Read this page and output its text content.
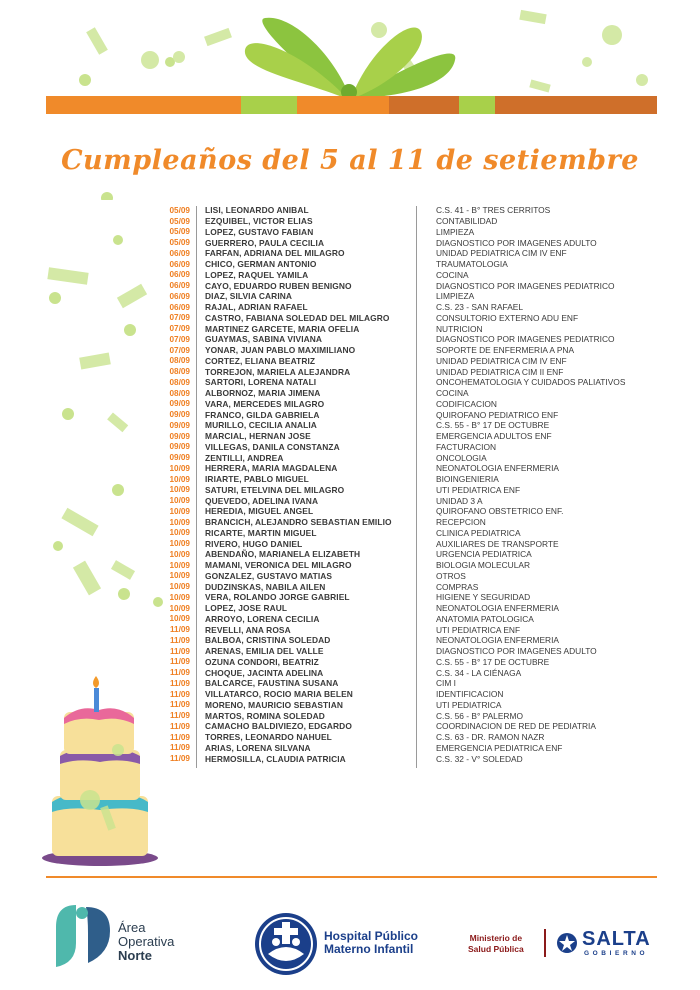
Cumpleaños del 5 al 11 de setiembre
05/09	LISI, LEONARDO ANIBAL	C.S. 41 - B° TRES CERRITOS
05/09	EZQUIBEL, VICTOR ELIAS	CONTABILIDAD
05/09	LOPEZ, GUSTAVO FABIAN	LIMPIEZA
05/09	GUERRERO, PAULA CECILIA	DIAGNOSTICO POR IMAGENES ADULTO
06/09	FARFAN, ADRIANA DEL MILAGRO	UNIDAD PEDIATRICA CIM IV ENF
06/09	CHICO, GERMAN ANTONIO	TRAUMATOLOGIA
06/09	LOPEZ, RAQUEL YAMILA	COCINA
06/09	CAYO, EDUARDO RUBEN BENIGNO	DIAGNOSTICO POR IMAGENES PEDIATRICO
06/09	DIAZ, SILVIA CARINA	LIMPIEZA
06/09	RAJAL, ADRIAN RAFAEL	C.S. 23 - SAN RAFAEL
07/09	CASTRO, FABIANA SOLEDAD DEL MILAGRO	CONSULTORIO EXTERNO ADU ENF
07/09	MARTINEZ GARCETE, MARIA OFELIA	NUTRICION
07/09	GUAYMAS, SABINA VIVIANA	DIAGNOSTICO POR IMAGENES PEDIATRICO
07/09	YONAR, JUAN PABLO MAXIMILIANO	SOPORTE DE ENFERMERIA A PNA
08/09	CORTEZ, ELIANA BEATRIZ	UNIDAD PEDIATRICA CIM IV ENF
08/09	TORREJON, MARIELA ALEJANDRA	UNIDAD PEDIATRICA CIM II ENF
08/09	SARTORI, LORENA NATALI	ONCOHEMATOLOGIA Y CUIDADOS PALIATIVOS
08/09	ALBORNOZ, MARIA JIMENA	COCINA
09/09	VARA, MERCEDES MILAGRO	CODIFICACION
09/09	FRANCO, GILDA GABRIELA	QUIROFANO PEDIATRICO ENF
09/09	MURILLO, CECILIA ANALIA	C.S. 55 - B° 17 DE OCTUBRE
09/09	MARCIAL, HERNAN JOSE	EMERGENCIA ADULTOS ENF
09/09	VILLEGAS, DANILA CONSTANZA	FACTURACION
09/09	ZENTILLI, ANDREA	ONCOLOGIA
10/09	HERRERA, MARIA MAGDALENA	NEONATOLOGIA ENFERMERIA
10/09	IRIARTE, PABLO MIGUEL	BIOINGENIERIA
10/09	SATURI, ETELVINA DEL MILAGRO	UTI PEDIATRICA ENF
10/09	QUEVEDO, ADELINA IVANA	UNIDAD 3 A
10/09	HEREDIA, MIGUEL ANGEL	QUIROFANO OBSTETRICO ENF.
10/09	BRANCICH, ALEJANDRO SEBASTIAN EMILIO	RECEPCION
10/09	RICARTE, MARTIN MIGUEL	CLINICA PEDIATRICA
10/09	RIVERO, HUGO DANIEL	AUXILIARES DE TRANSPORTE
10/09	ABENDAÑO, MARIANELA ELIZABETH	URGENCIA PEDIATRICA
10/09	MAMANI, VERONICA DEL MILAGRO	BIOLOGIA MOLECULAR
10/09	GONZALEZ, GUSTAVO MATIAS	OTROS
10/09	DUDZINSKAS, NABILA AILEN	COMPRAS
10/09	VERA, ROLANDO JORGE GABRIEL	HIGIENE Y SEGURIDAD
10/09	LOPEZ, JOSE RAUL	NEONATOLOGIA ENFERMERIA
10/09	ARROYO, LORENA CECILIA	ANATOMIA PATOLOGICA
11/09	REVELLI, ANA ROSA	UTI PEDIATRICA ENF
11/09	BALBOA, CRISTINA SOLEDAD	NEONATOLOGIA ENFERMERIA
11/09	ARENAS, EMILIA DEL VALLE	DIAGNOSTICO POR IMAGENES ADULTO
11/09	OZUNA CONDORI, BEATRIZ	C.S. 55 - B° 17 DE OCTUBRE
11/09	CHOQUE, JACINTA ADELINA	C.S. 34 - LA CIÉNAGA
11/09	BALCARCE, FAUSTINA SUSANA	CIM I
11/09	VILLATARCO, ROCIO MARIA BELEN	IDENTIFICACION
11/09	MORENO, MAURICIO SEBASTIAN	UTI PEDIATRICA
11/09	MARTOS, ROMINA SOLEDAD	C.S. 56 - B° PALERMO
11/09	CAMACHO BALDIVIEZO, EDGARDO	COORDINACION DE RED DE PEDIATRIA
11/09	TORRES, LEONARDO NAHUEL	C.S. 63 - DR. RAMON NAZR
11/09	ARIAS, LORENA SILVANA	EMERGENCIA PEDIATRICA ENF
11/09	HERMOSILLA, CLAUDIA PATRICIA	C.S. 32 - V° SOLEDAD
Área
Operativa
Norte
Hospital Público
Materno Infantil
Ministerio de
Salud Pública	SALTA
GOBIERNO
